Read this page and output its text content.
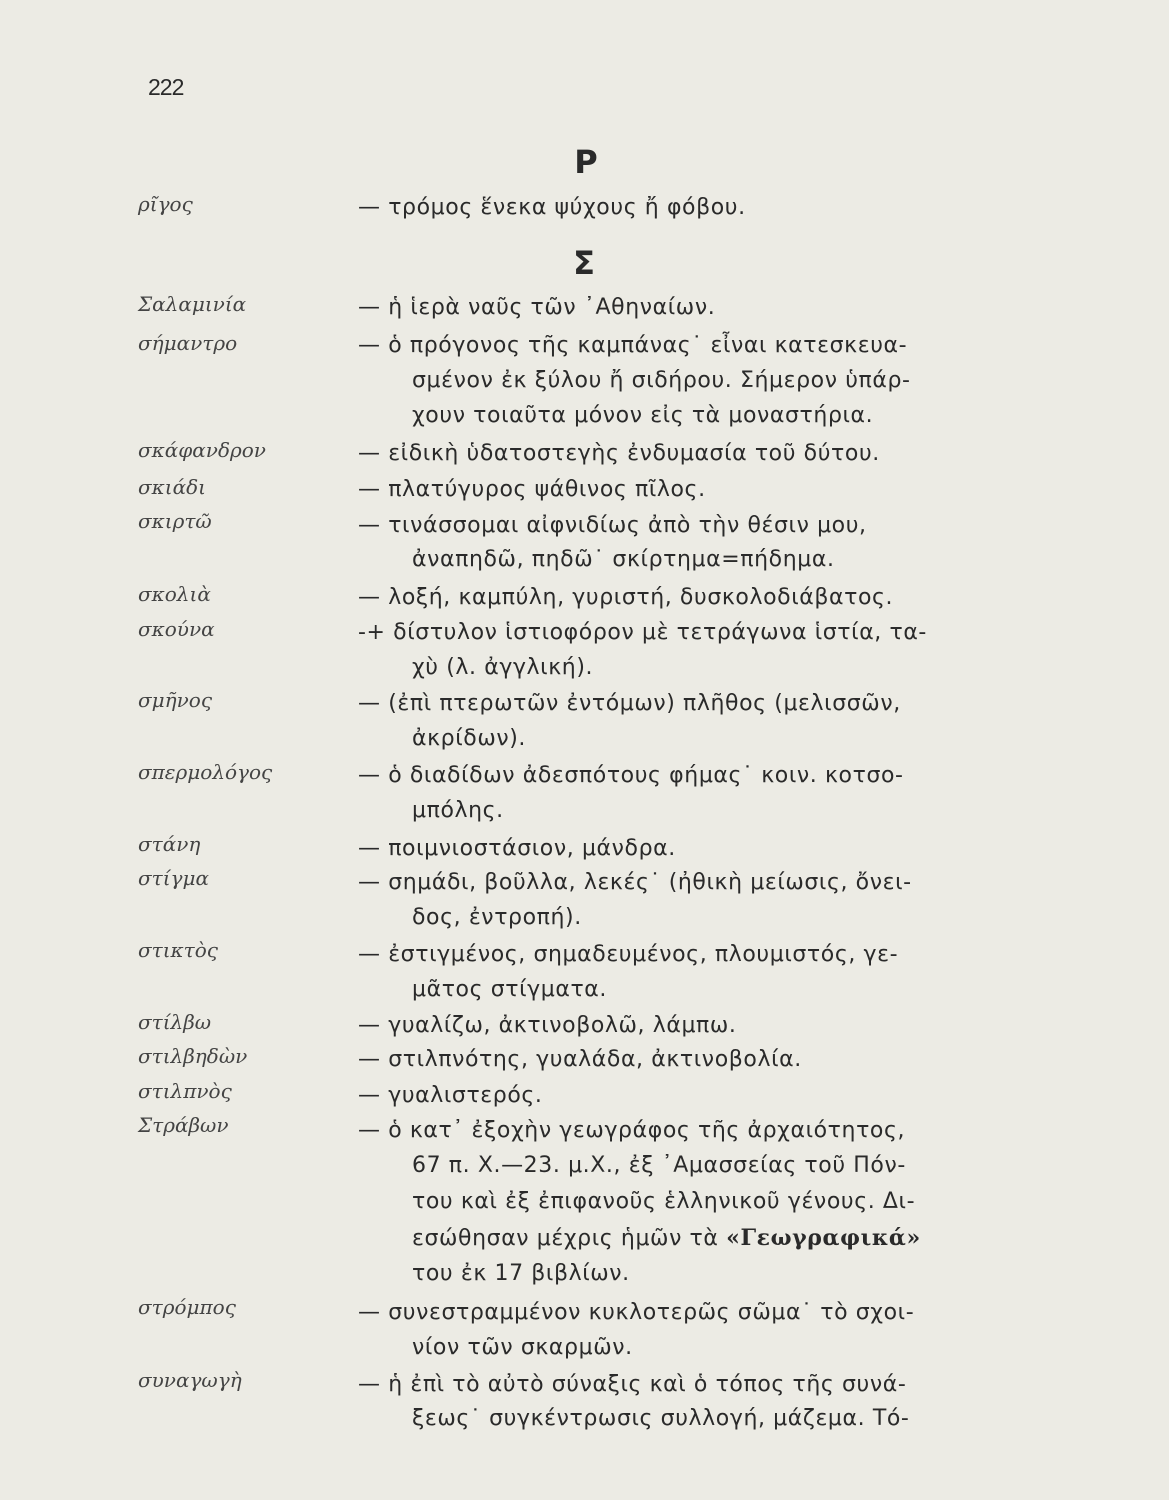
222
Ρ
Σ
ρῖγος	— τρόμος ἕνεκα ψύχους ἤ φόβου.
Σαλαμινία	— ἡ ἱερὰ ναῦς τῶν ᾽Αθηναίων.
σήμαντρο	— ὁ πρόγονος τῆς καμπάνας˙ εἶναι κατεσκευα-
σμένον ἐκ ξύλου ἤ σιδήρου. Σήμερον ὑπάρ-
χουν τοιαῦτα μόνον εἰς τὰ μοναστήρια.
σκάφανδρον	— εἰδικὴ ὑδατοστεγὴς ἐνδυμασία τοῦ δύτου.
σκιάδι	— πλατύγυρος ψάθινος πῖλος.
σκιρτῶ	— τινάσσομαι αἰφνιδίως ἀπὸ τὴν θέσιν μου,
ἀναπηδῶ, πηδῶ˙ σκίρτημα=πήδημα.
σκολιὰ	— λοξή, καμπύλη, γυριστή, δυσκολοδιάβατος.
σκούνα	-+ δίστυλον ἱστιοφόρον μὲ τετράγωνα ἱστία, τα-
χὺ (λ. ἀγγλική).
σμῆνος	— (ἐπὶ πτερωτῶν ἐντόμων) πλῆθος (μελισσῶν,
ἀκρίδων).
σπερμολόγος	— ὁ διαδίδων ἀδεσπότους φήμας˙ κοιν. κοτσο-
μπόλης.
στάνη	— ποιμνιοστάσιον, μάνδρα.
στίγμα	— σημάδι, βοῦλλα, λεκές˙ (ἠθικὴ μείωσις, ὄνει-
δος, ἐντροπή).
στικτὸς	— ἐστιγμένος, σημαδευμένος, πλουμιστός, γε-
μᾶτος στίγματα.
στίλβω	— γυαλίζω, ἀκτινοβολῶ, λάμπω.
στιλβηδὼν	— στιλπνότης, γυαλάδα, ἀκτινοβολία.
στιλπνὸς	— γυαλιστερός.
Στράβων	— ὁ κατ᾽ ἐξοχὴν γεωγράφος τῆς ἀρχαιότητος,
67 π. Χ.—23. μ.Χ., ἐξ ᾽Αμασσείας τοῦ Πόν-
του καὶ ἐξ ἐπιφανοῦς ἑλληνικοῦ γένους. Δι-
εσώθησαν μέχρις ἡμῶν τὰ «Γεωγραφικά»
του ἐκ 17 βιβλίων.
στρόμπος	— συνεστραμμένον κυκλοτερῶς σῶμα˙ τὸ σχοι-
νίον τῶν σκαρμῶν.
συναγωγὴ	— ἡ ἐπὶ τὸ αὐτὸ σύναξις καὶ ὁ τόπος τῆς συνά-
ξεως˙ συγκέντρωσις συλλογή, μάζεμα. Τό-
